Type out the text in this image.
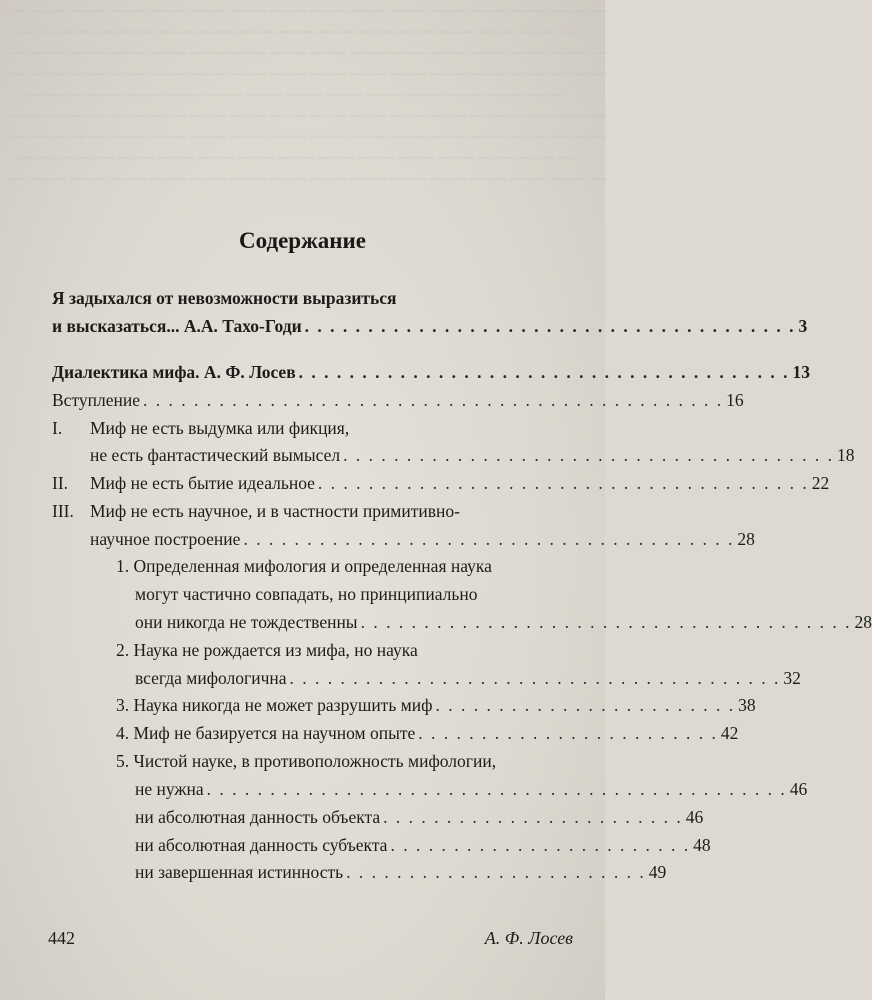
— — — — — — — — — — — — — — — — — — — — — — — — — — — — — —
— — — — — — — — — — — — — — — — — — — — — — — — — — — —
— — — — — — — — — — — — — — — — — — — — — — — — — — — — — —
— — — — — — — — — — — — — — — — — — — — — — — — — — — — — —
— — — — — — — — — — — — — — — — — — — — — — — — — — —
— — — — — — — — — — — — — — — — — — — — — — — — — — — — — —
— — — — — — — — — — — — — — — — — — — — — — — — — — — — — —
— — — — — — — — — — — — — — — — — — — — — — — — — — — —
— — — — — — — — — — — — — — — — — — — — — — — — — — — — — —
Содержание
Я задыхался от невозможности выразиться
и высказаться... А.А. Тахо-Годи . . . . . . . . . . . . . . . . . . . . . . . . . . . . . . . . . . . . . . . 3
Диалектика мифа. А. Ф. Лосев . . . . . . . . . . . . . . . . . . . . . . . . . . . . . . . . . . . . . . . 13
Вступление . . . . . . . . . . . . . . . . . . . . . . . . . . . . . . . . . . . . . . . . . . . . . . 16
I. Миф не есть выдумка или фикция,
не есть фантастический вымысел . . . . . . . . . . . . . . . . . . . . . . . . . . . . . . . . . . . . . . . 18
II. Миф не есть бытие идеальное . . . . . . . . . . . . . . . . . . . . . . . . . . . . . . . . . . . . . . . 22
III. Миф не есть научное, и в частности примитивно-
научное построение . . . . . . . . . . . . . . . . . . . . . . . . . . . . . . . . . . . . . . . 28
1. Определенная мифология и определенная наука
могут частично совпадать, но принципиально
они никогда не тождественны . . . . . . . . . . . . . . . . . . . . . . . . . . . . . . . . . . . . . . . 28
2. Наука не рождается из мифа, но наука
всегда мифологична . . . . . . . . . . . . . . . . . . . . . . . . . . . . . . . . . . . . . . . 32
3. Наука никогда не может разрушить миф . . . . . . . . . . . . . . . . . . . . . . . . 38
4. Миф не базируется на научном опыте . . . . . . . . . . . . . . . . . . . . . . . . 42
5. Чистой науке, в противоположность мифологии,
не нужна . . . . . . . . . . . . . . . . . . . . . . . . . . . . . . . . . . . . . . . . . . . . . . 46
ни абсолютная данность объекта . . . . . . . . . . . . . . . . . . . . . . . . 46
ни абсолютная данность субъекта . . . . . . . . . . . . . . . . . . . . . . . . 48
ни завершенная истинность . . . . . . . . . . . . . . . . . . . . . . . . 49
442	А. Ф. Лосев
